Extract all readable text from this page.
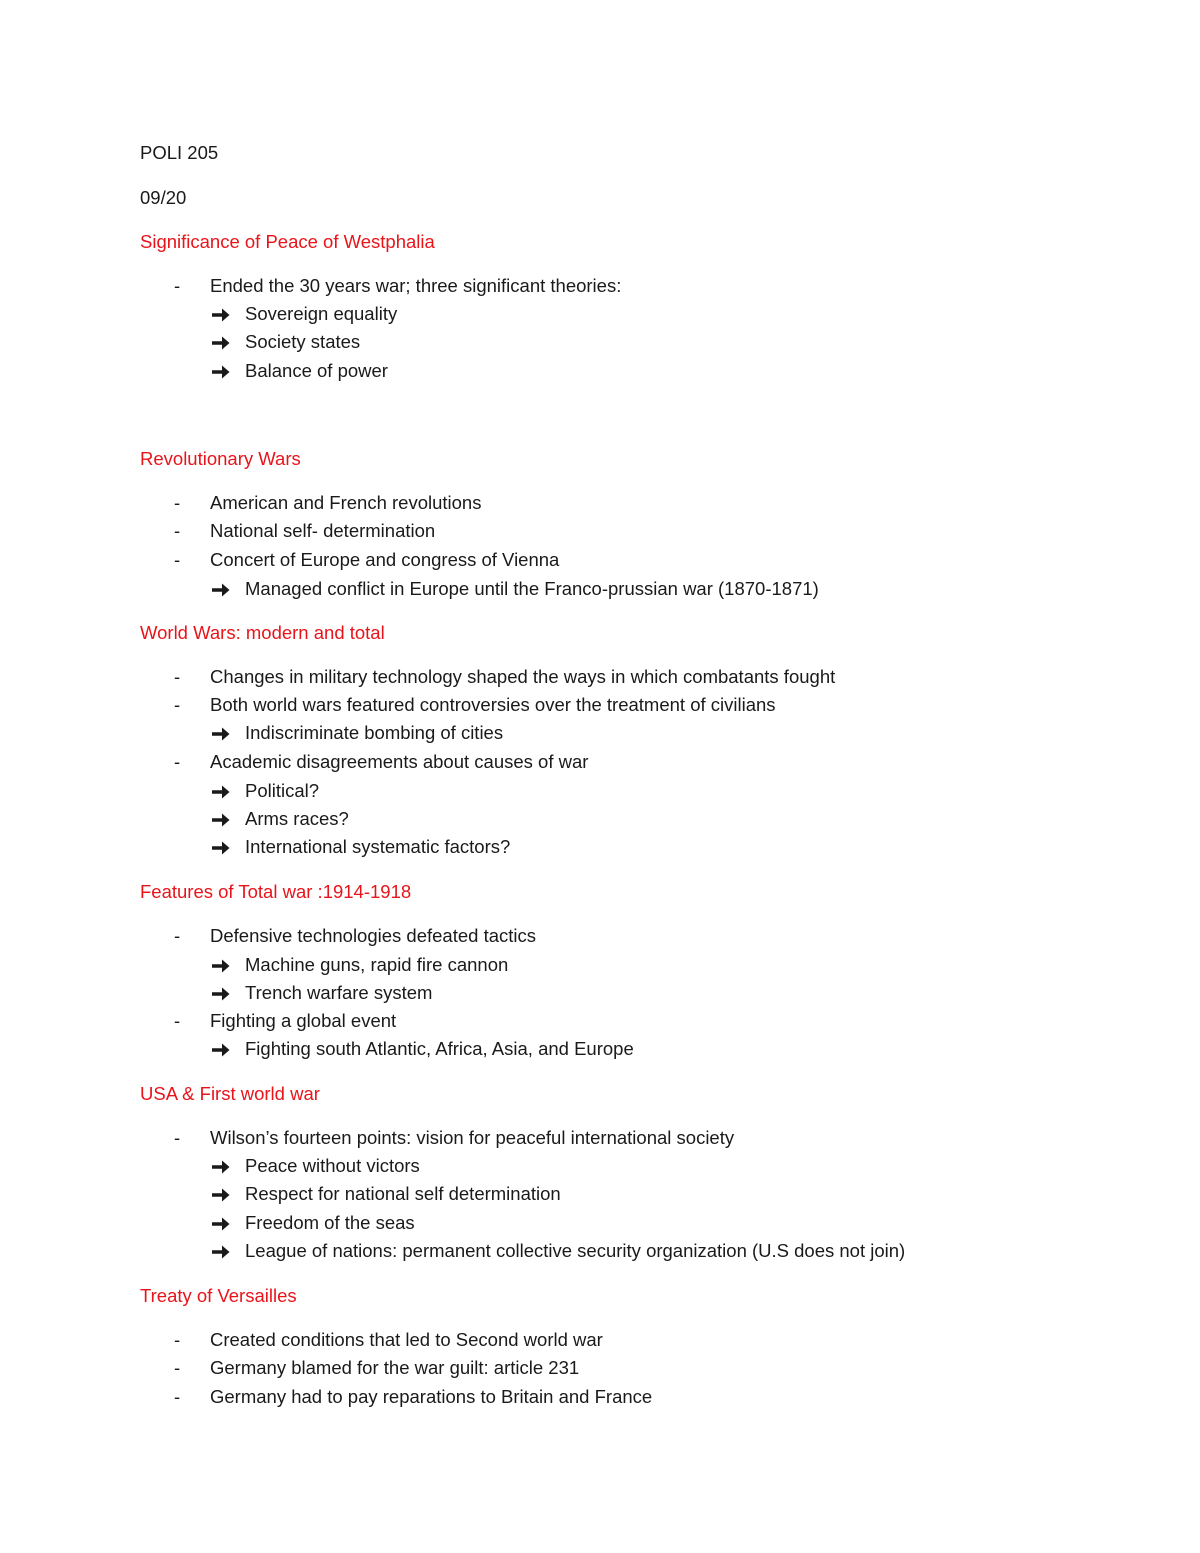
POLI 205
09/20
Significance of Peace of Westphalia
- Ended the 30 years war; three significant theories:
Sovereign equality
Society states
Balance of power
Revolutionary Wars
- American and French revolutions
- National self- determination
- Concert of Europe and congress of Vienna
Managed conflict in Europe until the Franco-prussian war (1870-1871)
World Wars: modern and total
- Changes in military technology shaped the ways in which combatants fought
- Both world wars featured controversies over the treatment of civilians
Indiscriminate bombing of cities
- Academic disagreements about causes of war
Political?
Arms races?
International systematic factors?
Features of Total war :1914-1918
- Defensive technologies defeated tactics
Machine guns, rapid fire cannon
Trench warfare system
- Fighting a global event
Fighting south Atlantic, Africa, Asia, and Europe
USA & First world war
- Wilson’s fourteen points: vision for peaceful international society
Peace without victors
Respect for national self determination
Freedom of the seas
League of nations: permanent collective security organization (U.S does not join)
Treaty of Versailles
- Created conditions that led to Second world war
- Germany blamed for the war guilt: article 231
- Germany had to pay reparations to Britain and France
